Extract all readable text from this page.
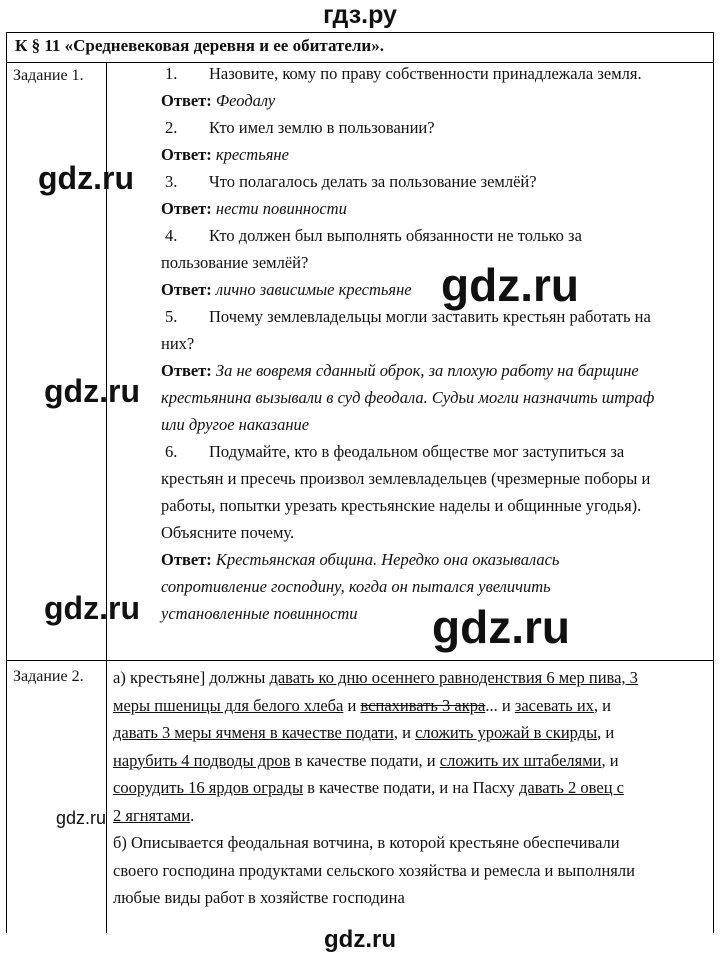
гдз.ру
К § 11 «Средневековая деревня и ее обитатели».
Задание 1.	1. Назовите, кому по праву собственности принадлежала земля.
Ответ: Феодалу
2. Кто имел землю в пользовании?
Ответ: крестьяне
3. Что полагалось делать за пользование землёй?
Ответ: нести повинности
4. Кто должен был выполнять обязанности не только за
пользование землёй?
Ответ: лично зависимые крестьяне
5. Почему землевладельцы могли заставить крестьян работать на
них?
Ответ: За не вовремя сданный оброк, за плохую работу на барщине
крестьянина вызывали в суд феодала. Судьи могли назначить штраф
или другое наказание
6. Подумайте, кто в феодальном обществе мог заступиться за
крестьян и пресечь произвол землевладельцев (чрезмерные поборы и
работы, попытки урезать крестьянские наделы и общинные угодья).
Объясните почему.
Ответ: Крестьянская община. Нередко она оказывалась
сопротивление господину, когда он пытался увеличить
установленные повинности
Задание 2. а) крестьяне] должны давать ко дню осеннего равноденствия 6 мер пива, 3
меры пшеницы для белого хлеба и вспахивать 3 акра... и засевать их, и
давать 3 меры ячменя в качестве подати, и сложить урожай в скирды, и
нарубить 4 подводы дров в качестве подати, и сложить их штабелями, и
соорудить 16 ярдов ограды в качестве подати, и на Пасху давать 2 овец с
2 ягнятами.
б) Описывается феодальная вотчина, в которой крестьяне обеспечивали
своего господина продуктами сельского хозяйства и ремесла и выполняли
любые виды работ в хозяйстве господина
gdz.ru
gdz.ru
gdz.ru
gdz.ru	gdz.ru
gdz.ru
gdz.ru
